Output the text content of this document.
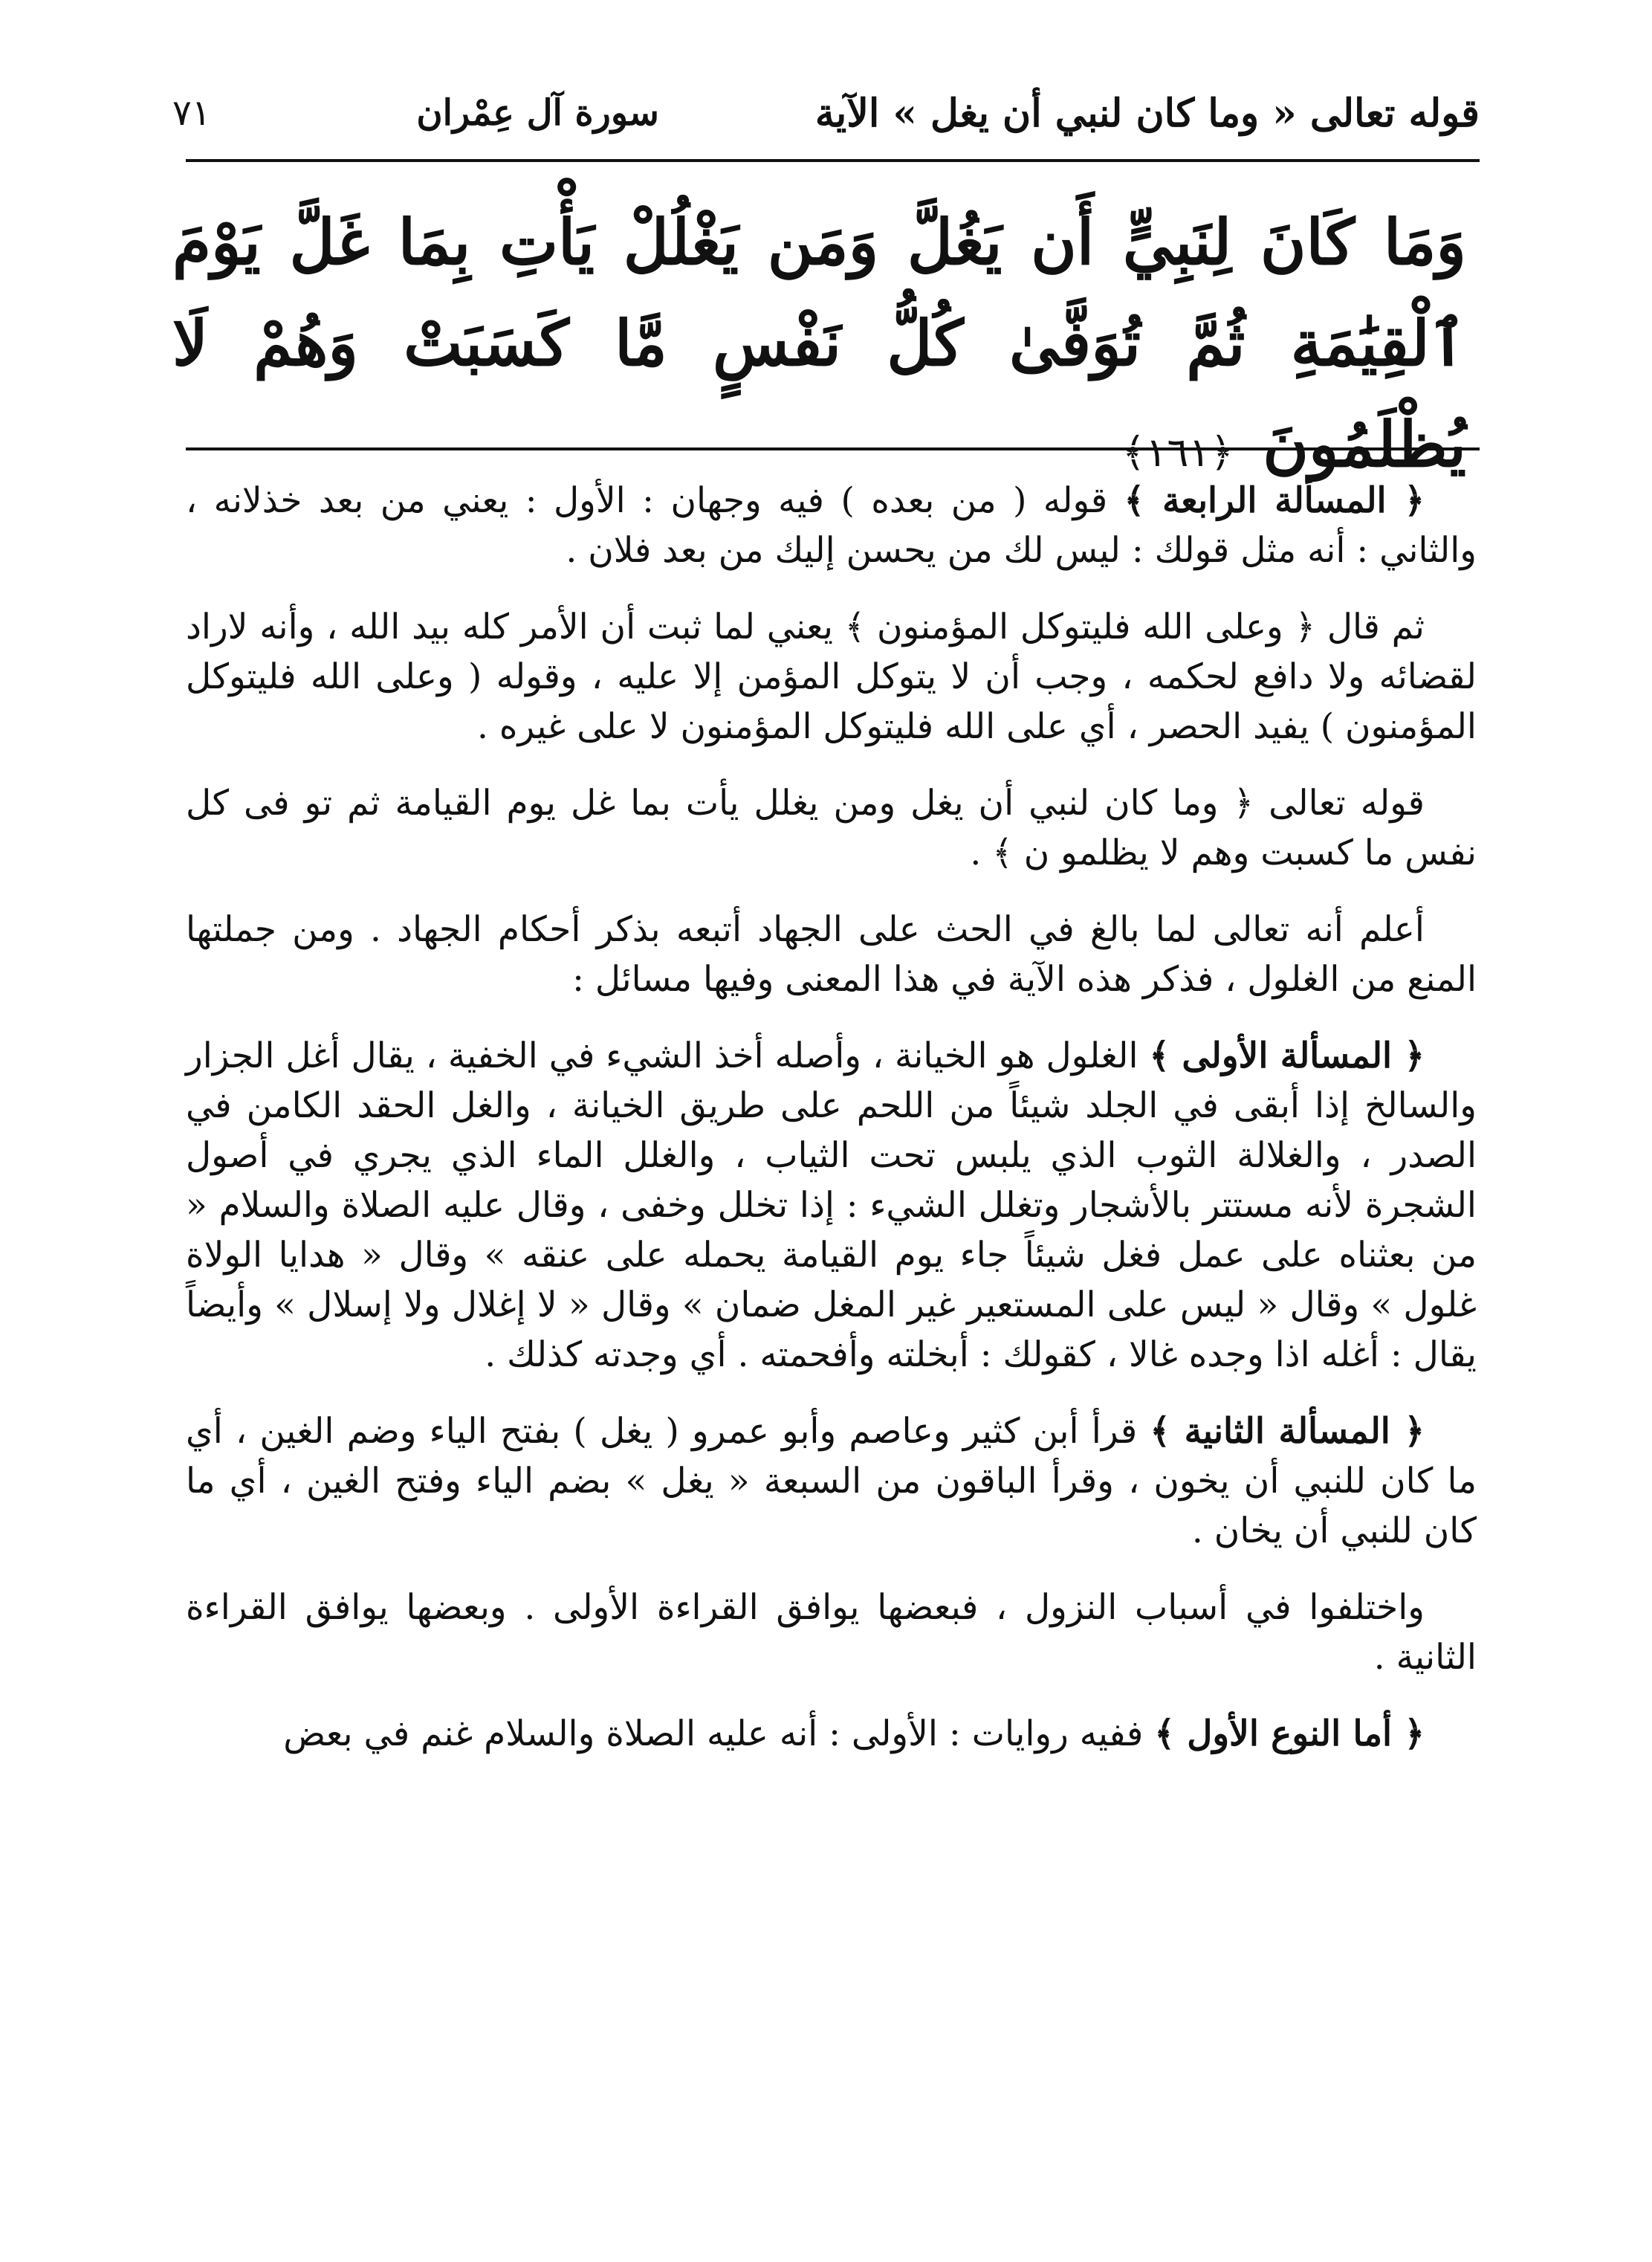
قوله تعالى « وما كان لنبي أن يغل » الآية
سورة آل عِمْران
٧١
وَمَا كَانَ لِنَبِيٍّ أَن يَغُلَّ وَمَن يَغْلُلْ يَأْتِ بِمَا غَلَّ يَوْمَ ٱلْقِيَٰمَةِ ثُمَّ تُوَفَّىٰ كُلُّ نَفْسٍ مَّا كَسَبَتْ وَهُمْ لَا يُظْلَمُونَ ﴿١٦١﴾

﴿ المسألة الرابعة ﴾ قوله ( من بعده ) فيه وجهان : الأول : يعني من بعد خذلانه ، والثاني : أنه مثل قولك : ليس لك من يحسن إليك من بعد فلان .

ثم قال ﴿ وعلى الله فليتوكل المؤمنون ﴾ يعني لما ثبت أن الأمر كله بيد الله ، وأنه لاراد لقضائه ولا دافع لحكمه ، وجب أن لا يتوكل المؤمن إلا عليه ، وقوله ( وعلى الله فليتوكل المؤمنون ) يفيد الحصر ، أي على الله فليتوكل المؤمنون لا على غيره .

قوله تعالى ﴿ وما كان لنبي أن يغل ومن يغلل يأت بما غل يوم القيامة ثم تو فى كل نفس ما كسبت وهم لا يظلمو ن ﴾ .

أعلم أنه تعالى لما بالغ في الحث على الجهاد أتبعه بذكر أحكام الجهاد . ومن جملتها المنع من الغلول ، فذكر هذه الآية في هذا المعنى وفيها مسائل :

﴿ المسألة الأولى ﴾ الغلول هو الخيانة ، وأصله أخذ الشيء في الخفية ، يقال أغل الجزار والسالخ إذا أبقى في الجلد شيئاً من اللحم على طريق الخيانة ، والغل الحقد الكامن في الصدر ، والغلالة الثوب الذي يلبس تحت الثياب ، والغلل الماء الذي يجري في أصول الشجرة لأنه مستتر بالأشجار وتغلل الشيء : إذا تخلل وخفى ، وقال عليه الصلاة والسلام « من بعثناه على عمل فغل شيئاً جاء يوم القيامة يحمله على عنقه » وقال « هدايا الولاة غلول » وقال « ليس على المستعير غير المغل ضمان » وقال « لا إغلال ولا إسلال » وأيضاً يقال : أغله اذا وجده غالا ، كقولك : أبخلته وأفحمته . أي وجدته كذلك .

﴿ المسألة الثانية ﴾ قرأ أبن كثير وعاصم وأبو عمرو ( يغل ) بفتح الياء وضم الغين ، أي ما كان للنبي أن يخون ، وقرأ الباقون من السبعة « يغل » بضم الياء وفتح الغين ، أي ما كان للنبي أن يخان .

واختلفوا في أسباب النزول ، فبعضها يوافق القراءة الأولى . وبعضها يوافق القراءة الثانية .

﴿ أما النوع الأول ﴾ ففيه روايات : الأولى : أنه عليه الصلاة والسلام غنم في بعض
